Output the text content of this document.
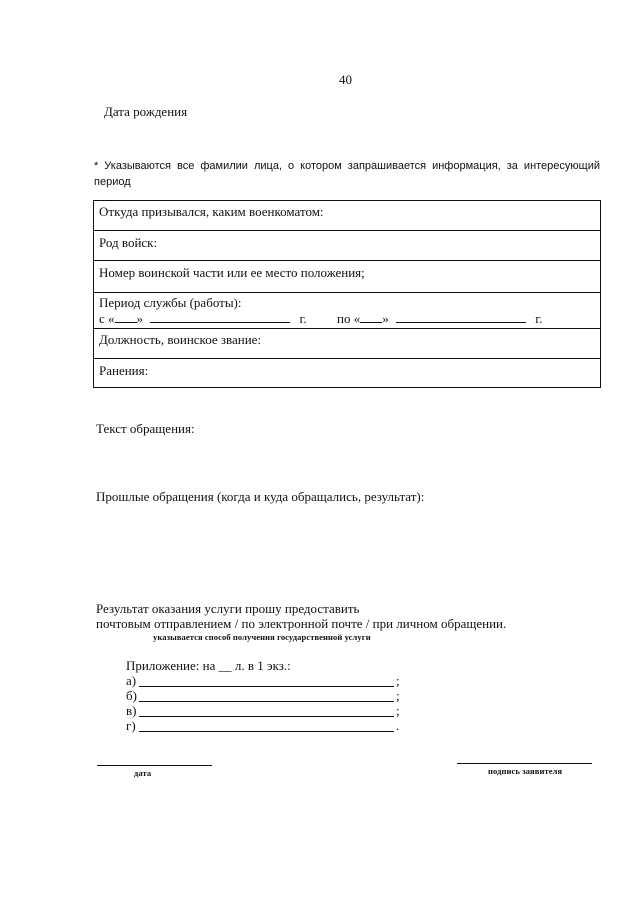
40
Дата рождения
* Указываются все фамилии лица, о котором запрашивается информация, за интересующий
период
Откуда призывался, каким военкоматом:
Род войск:
Номер воинской части или ее место положения;
Период службы (работы):
с « »	г. по « »	г.
Должность, воинское звание:
Ранения:
Текст обращения:
Прошлые обращения (когда и куда обращались, результат):
Результат оказания услуги прошу предоставить
почтовым отправлением / по электронной почте / при личном обращении.
указывается способ получения государственной услуги
Приложение: на __ л. в 1 экз.:
а)	;
б)	;
в)	;
г)	.
дата	подпись заявителя
